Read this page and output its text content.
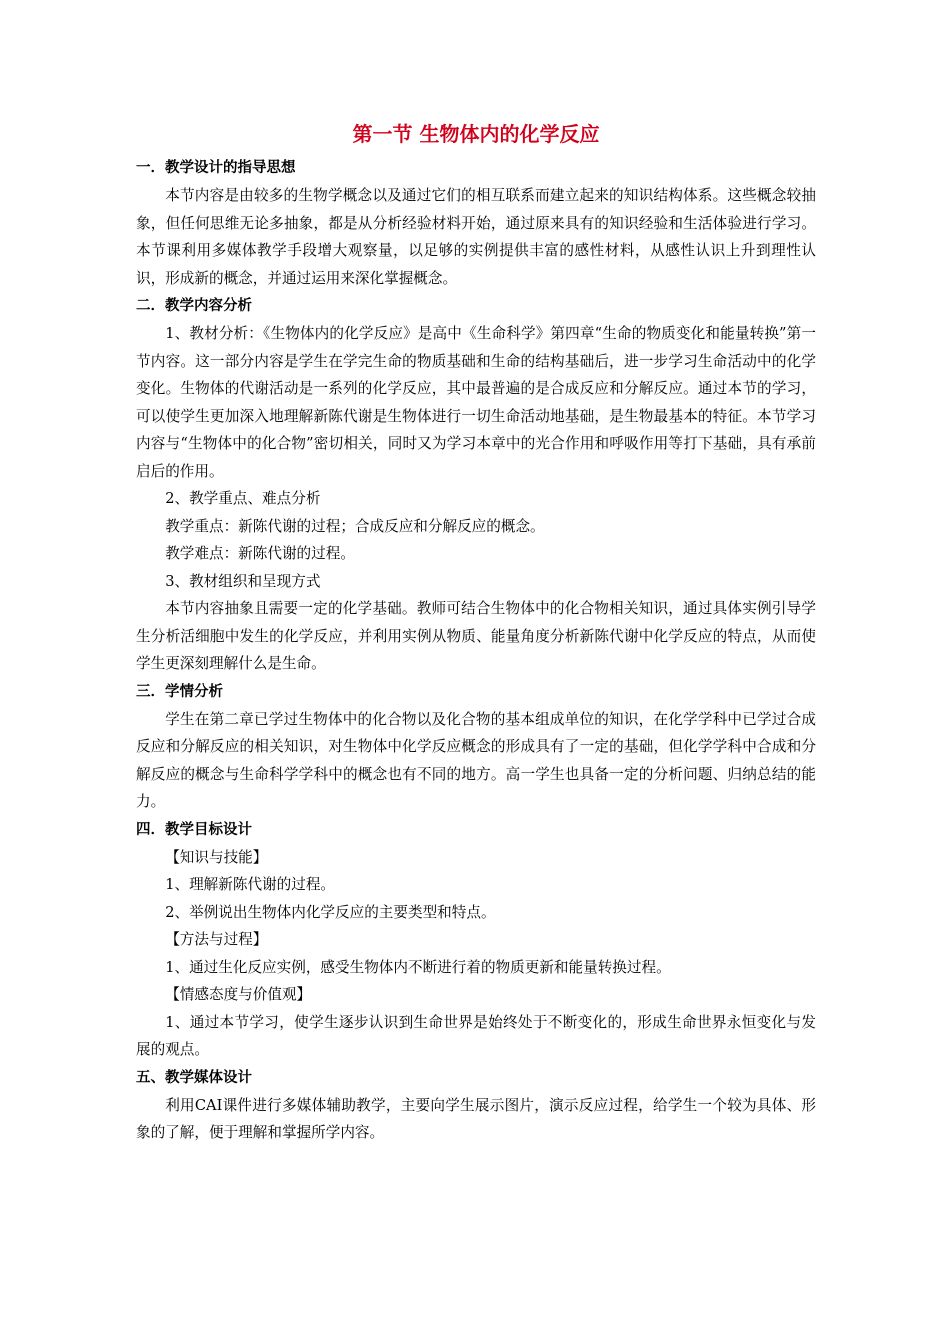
第一节 生物体内的化学反应
一．教学设计的指导思想

本节内容是由较多的生物学概念以及通过它们的相互联系而建立起来的知识结构体系。这些概念较抽象，但任何思维无论多抽象，都是从分析经验材料开始，通过原来具有的知识经验和生活体验进行学习。本节课利用多媒体教学手段增大观察量，以足够的实例提供丰富的感性材料，从感性认识上升到理性认识，形成新的概念，并通过运用来深化掌握概念。

二．教学内容分析

1、教材分析：《生物体内的化学反应》是高中《生命科学》第四章“生命的物质变化和能量转换”第一节内容。这一部分内容是学生在学完生命的物质基础和生命的结构基础后，进一步学习生命活动中的化学变化。生物体的代谢活动是一系列的化学反应，其中最普遍的是合成反应和分解反应。通过本节的学习，可以使学生更加深入地理解新陈代谢是生物体进行一切生命活动地基础，是生物最基本的特征。本节学习内容与“生物体中的化合物”密切相关，同时又为学习本章中的光合作用和呼吸作用等打下基础，具有承前启后的作用。

2、教学重点、难点分析
教学重点：新陈代谢的过程；合成反应和分解反应的概念。
教学难点：新陈代谢的过程。
3、教材组织和呈现方式

本节内容抽象且需要一定的化学基础。教师可结合生物体中的化合物相关知识，通过具体实例引导学生分析活细胞中发生的化学反应，并利用实例从物质、能量角度分析新陈代谢中化学反应的特点，从而使学生更深刻理解什么是生命。

三．学情分析

学生在第二章已学过生物体中的化合物以及化合物的基本组成单位的知识，在化学学科中已学过合成反应和分解反应的相关知识，对生物体中化学反应概念的形成具有了一定的基础，但化学学科中合成和分解反应的概念与生命科学学科中的概念也有不同的地方。高一学生也具备一定的分析问题、归纳总结的能力。

四．教学目标设计
【知识与技能】
1、理解新陈代谢的过程。
2、举例说出生物体内化学反应的主要类型和特点。
【方法与过程】
1、通过生化反应实例，感受生物体内不断进行着的物质更新和能量转换过程。
【情感态度与价值观】

1、通过本节学习，使学生逐步认识到生命世界是始终处于不断变化的，形成生命世界永恒变化与发展的观点。

五、教学媒体设计

利用CAI课件进行多媒体辅助教学，主要向学生展示图片，演示反应过程，给学生一个较为具体、形象的了解，便于理解和掌握所学内容。
